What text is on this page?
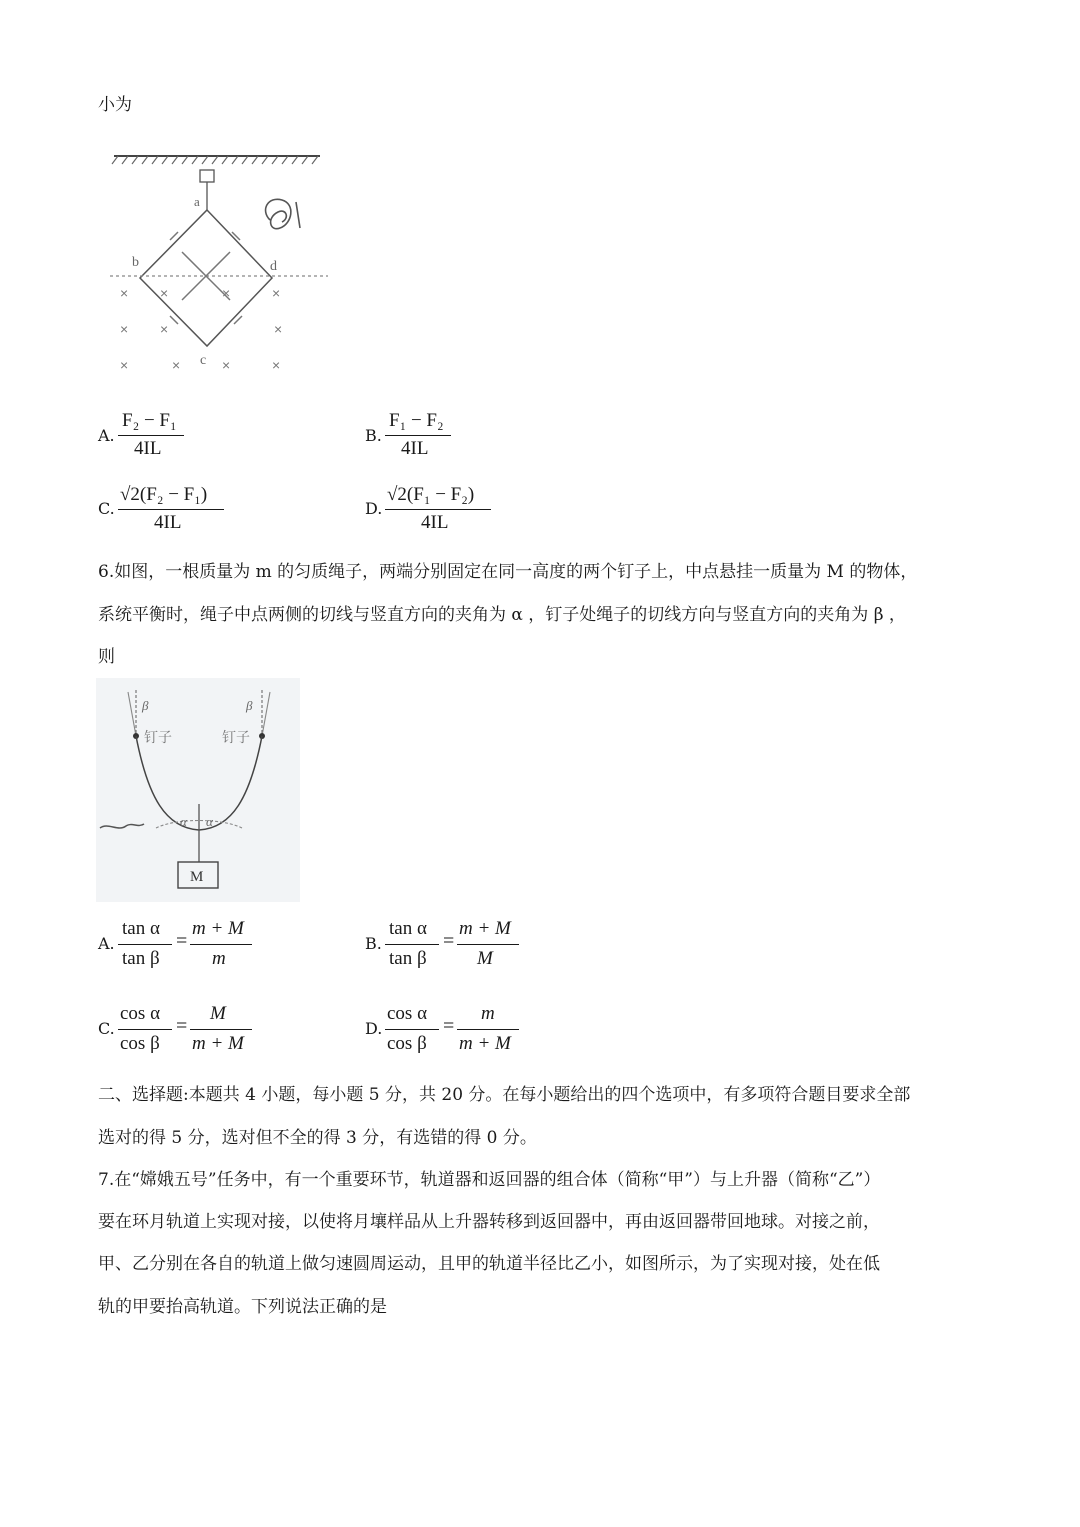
小为
×
×
×
×	×	×
×	×
×	×	×
a
b
c
d
A.
F₂ − F₁
4IL
B.
F₁ − F₂
4IL
C.
√2(F₂ − F₁)
4IL
D.
√2(F₁ − F₂)
4IL
6.如图，一根质量为 m 的匀质绳子，两端分别固定在同一高度的两个钉子上，中点悬挂一质量为 M 的物体，
系统平衡时，绳子中点两侧的切线与竖直方向的夹角为 α ，钉子处绳子的切线方向与竖直方向的夹角为 β ，
则
β	β
钉子	钉子
α α
M
A.
tan α
tan β
=
m + M
m
B.
tan α
tan β
=
m + M
M
C.
cos α
cos β
=
M
m + M
D.
cos α
cos β
=
m
m + M
二、选择题:本题共 4 小题，每小题 5 分，共 20 分。在每小题给出的四个选项中，有多项符合题目要求全部
选对的得 5 分，选对但不全的得 3 分，有选错的得 0 分。
7.在“嫦娥五号”任务中，有一个重要环节，轨道器和返回器的组合体（简称“甲”）与上升器（简称“乙”）
要在环月轨道上实现对接，以使将月壤样品从上升器转移到返回器中，再由返回器带回地球。对接之前，
甲、乙分别在各自的轨道上做匀速圆周运动，且甲的轨道半径比乙小，如图所示，为了实现对接，处在低
轨的甲要抬高轨道。下列说法正确的是
